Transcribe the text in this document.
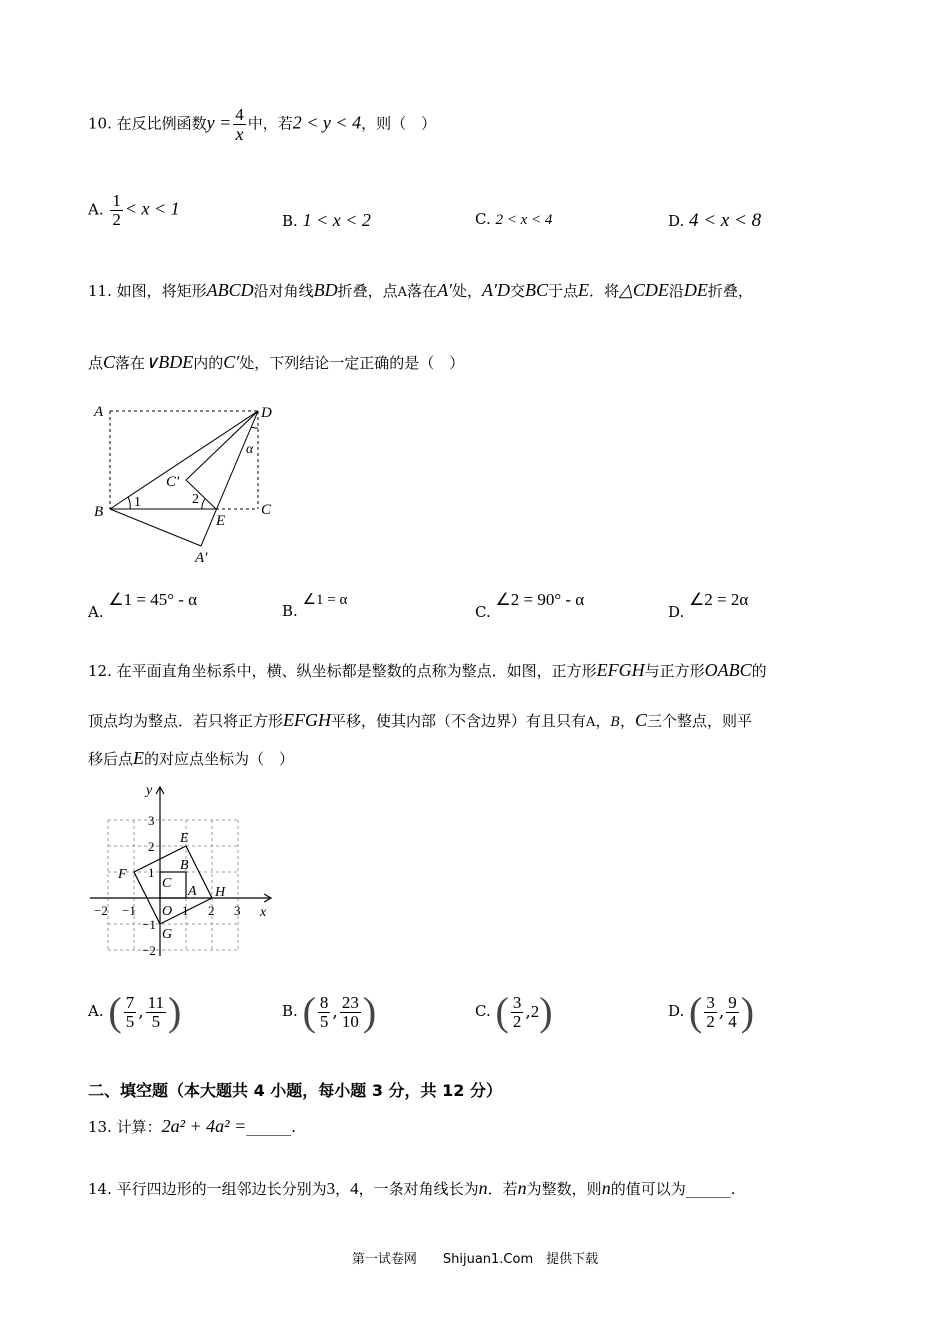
10. 在反比例函数$y = \frac{4}{x}$ 中，若2 < y < 4，则（　）
A. $\frac{1}{2} < x < 1$
B. 1 < x < 2	C. 2 < x < 4	D. 4 < x < 8
11. 如图，将矩形ABCD沿对角线BD折叠，点A落在A′处，A′D交BC于点E．将△CDE沿DE折叠，
点C落在∨BDE内的C′处，下列结论一定正确的是（　）
A	D
B	C
E
A′
C′
1	2
α
A. ∠1 = 45° - α
B. ∠1 = α
C. ∠2 = 90° - α
D. ∠2 = 2α
12. 在平面直角坐标系中，横、纵坐标都是整数的点称为整点．如图，正方形EFGH与正方形OABC的
顶点均为整点．若只将正方形EFGH平移，使其内部（不含边界）有且只有A，B，C三个整点，则平
移后点E的对应点坐标为（　）
y
x
−2 −1	1 2 3
3
2
1
−1
−2
E
F
G
H
O
A
B
C
A. ( $\frac{7}{5}$ , $\frac{11}{5}$ )	B. ( $\frac{8}{5}$ , $\frac{23}{10}$ )	C. ( $\frac{3}{2}$ , 2 )	D. ( $\frac{3}{2}$ , $\frac{9}{4}$ )
二、填空题（本大题共 4 小题，每小题 3 分，共 12 分）
13. 计算：2a² + 4a² =______.
14. 平行四边形的一组邻边长分别为3，4，一条对角线长为n．若n为整数，则n的值可以为______.
第一试卷网　　Shijuan1.Com　提供下载
